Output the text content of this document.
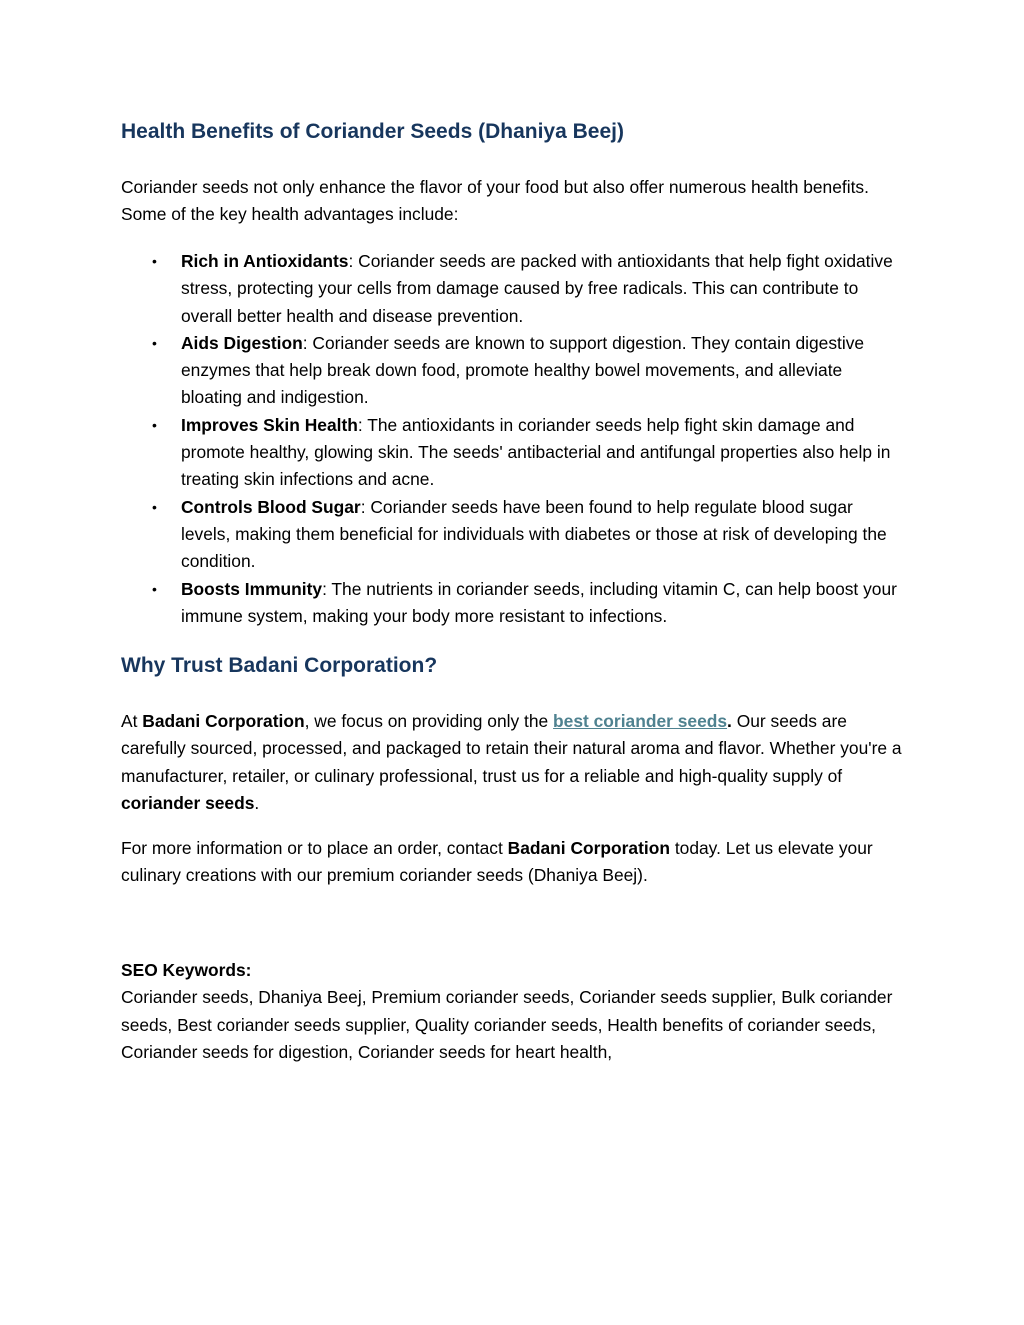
Health Benefits of Coriander Seeds (Dhaniya Beej)

Coriander seeds not only enhance the flavor of your food but also offer numerous health benefits. Some of the key health advantages include:

• Rich in Antioxidants: Coriander seeds are packed with antioxidants that help fight oxidative stress, protecting your cells from damage caused by free radicals. This can contribute to overall better health and disease prevention.
• Aids Digestion: Coriander seeds are known to support digestion. They contain digestive enzymes that help break down food, promote healthy bowel movements, and alleviate bloating and indigestion.
• Improves Skin Health: The antioxidants in coriander seeds help fight skin damage and promote healthy, glowing skin. The seeds' antibacterial and antifungal properties also help in treating skin infections and acne.
• Controls Blood Sugar: Coriander seeds have been found to help regulate blood sugar levels, making them beneficial for individuals with diabetes or those at risk of developing the condition.
• Boosts Immunity: The nutrients in coriander seeds, including vitamin C, can help boost your immune system, making your body more resistant to infections.
Why Trust Badani Corporation?

At Badani Corporation, we focus on providing only the best coriander seeds. Our seeds are carefully sourced, processed, and packaged to retain their natural aroma and flavor. Whether you're a manufacturer, retailer, or culinary professional, trust us for a reliable and high-quality supply of coriander seeds.

For more information or to place an order, contact Badani Corporation today. Let us elevate your culinary creations with our premium coriander seeds (Dhaniya Beej).

SEO Keywords:
Coriander seeds, Dhaniya Beej, Premium coriander seeds, Coriander seeds supplier, Bulk coriander seeds, Best coriander seeds supplier, Quality coriander seeds, Health benefits of coriander seeds, Coriander seeds for digestion, Coriander seeds for heart health,
